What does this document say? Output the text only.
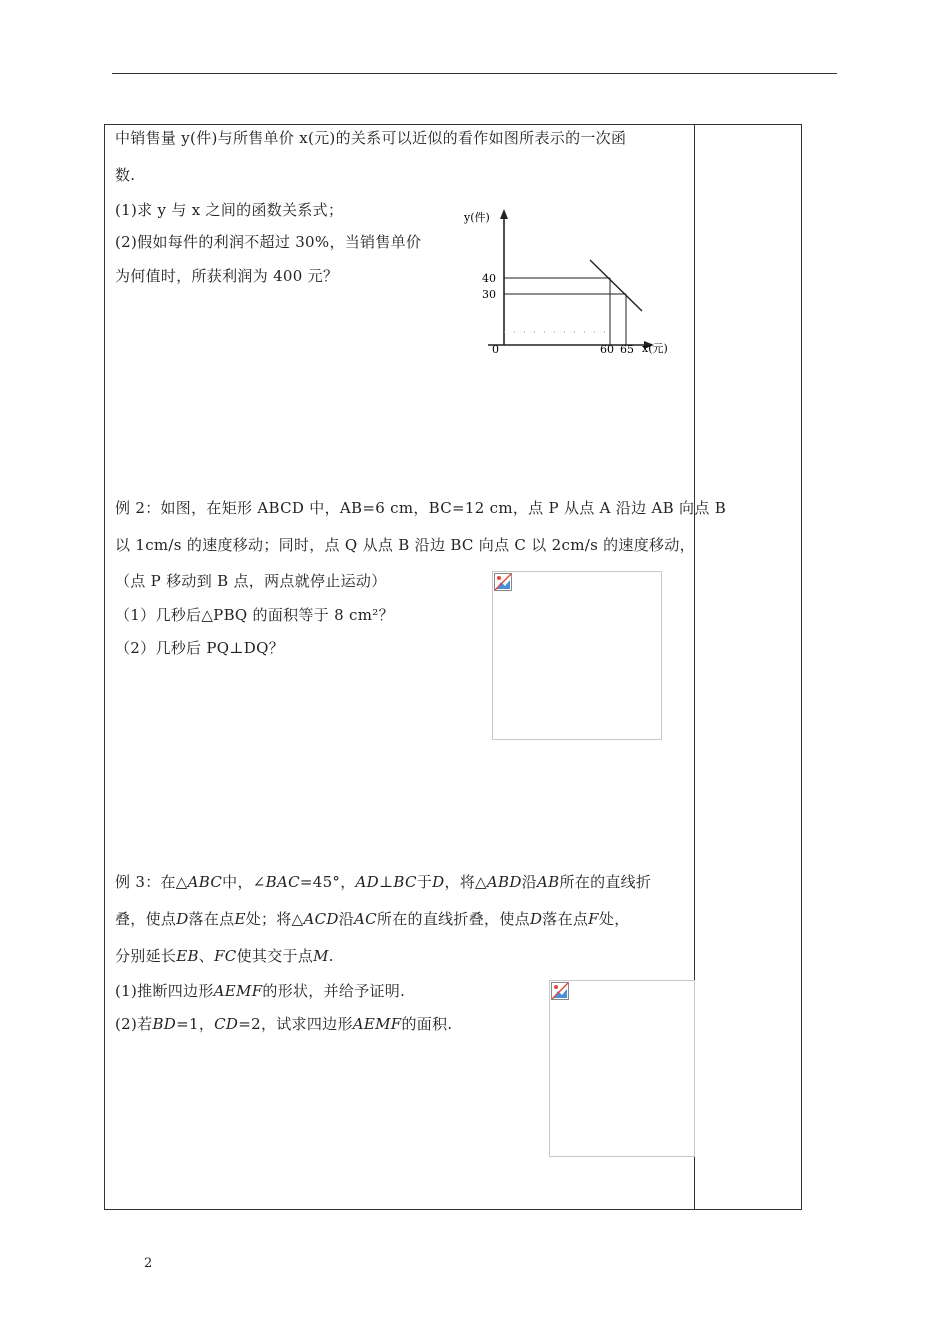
中销售量 y(件)与所售单价 x(元)的关系可以近似的看作如图所表示的一次函
数.
(1)求 y 与 x 之间的函数关系式；
(2)假如每件的利润不超过 30%，当销售单价
为何值时，所获利润为 400 元？
y(件)
x(元)
0
40
30
60 65
例 2：如图，在矩形 ABCD 中，AB=6 cm，BC=12 cm，点 P 从点 A 沿边 AB 向点 B
以 1cm/s 的速度移动；同时，点 Q 从点 B 沿边 BC 向点 C 以 2cm/s 的速度移动，
（点 P 移动到 B 点，两点就停止运动）
（1）几秒后△PBQ 的面积等于 8 cm²？
（2）几秒后 PQ⊥DQ？
例 3：在△ABC中，∠BAC=45°，AD⊥BC于D，将△ABD沿AB所在的直线折
叠，使点D落在点E处；将△ACD沿AC所在的直线折叠，使点D落在点F处，
分别延长EB、FC使其交于点M.
(1)推断四边形AEMF的形状，并给予证明.
(2)若BD=1，CD=2，试求四边形AEMF的面积.
2
